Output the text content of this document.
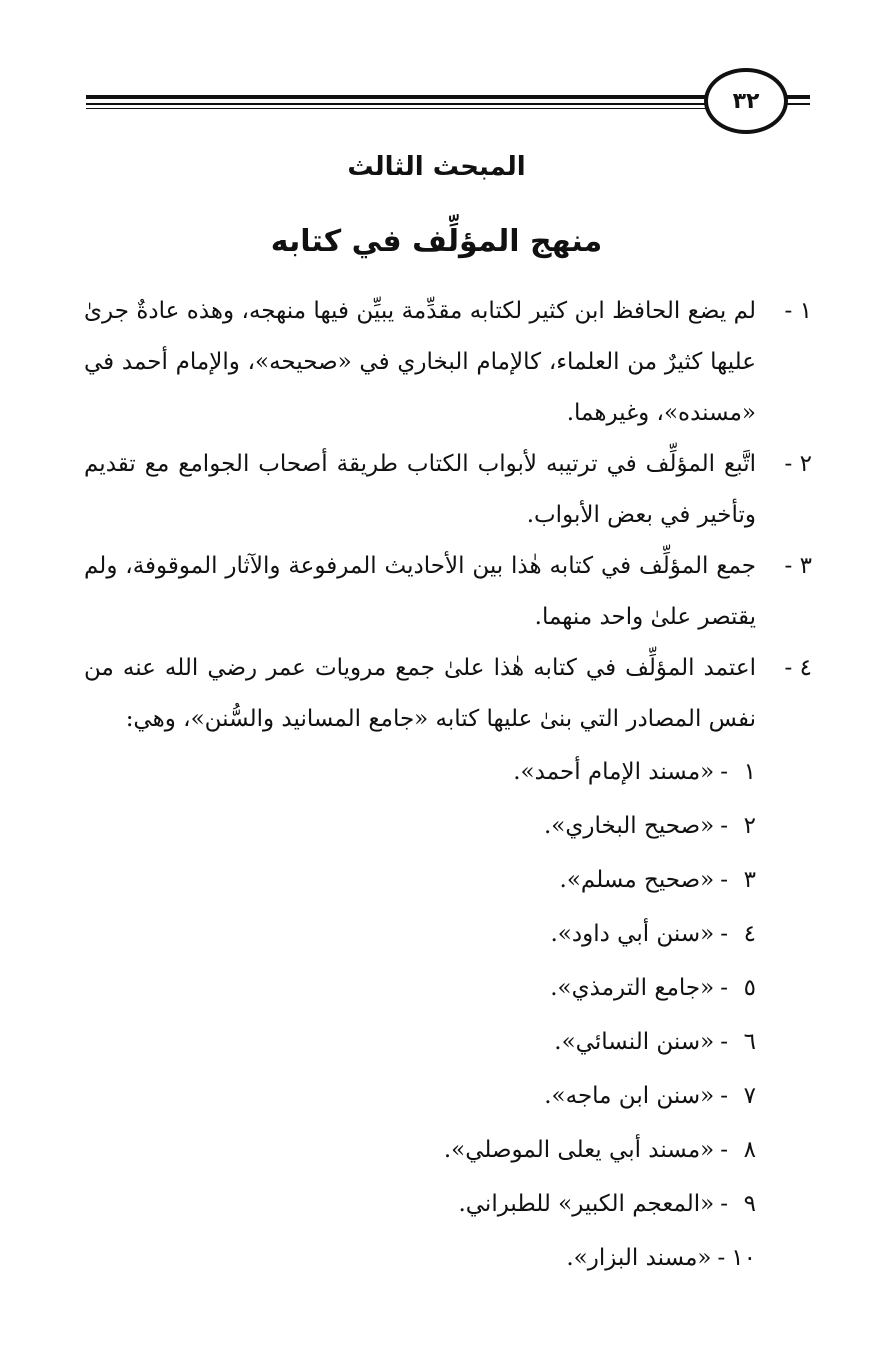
٣٢
المبحث الثالث
منهج المؤلِّف في كتابه
١ -
لم يضع الحافظ ابن كثير لكتابه مقدِّمة يبيِّن فيها منهجه، وهذه عادةٌ جرىٰ عليها كثيرٌ من العلماء، كالإمام البخاري في «صحيحه»، والإمام أحمد في «مسنده»، وغيرهما.
٢ -
اتَّبع المؤلِّف في ترتيبه لأبواب الكتاب طريقة أصحاب الجوامع مع تقديم وتأخير في بعض الأبواب.
٣ -
جمع المؤلِّف في كتابه هٰذا بين الأحاديث المرفوعة والآثار الموقوفة، ولم يقتصر علىٰ واحد منهما.
٤ -
اعتمد المؤلِّف في كتابه هٰذا علىٰ جمع مرويات عمر رضي الله عنه من نفس المصادر التي بنىٰ عليها كتابه «جامع المسانيد والسُّنن»، وهي:
١-«مسند الإمام أحمد».
٢-«صحيح البخاري».
٣-«صحيح مسلم».
٤-«سنن أبي داود».
٥-«جامع الترمذي».
٦-«سنن النسائي».
٧-«سنن ابن ماجه».
٨-«مسند أبي يعلى الموصلي».
٩-«المعجم الكبير» للطبراني.
١٠-«مسند البزار».
